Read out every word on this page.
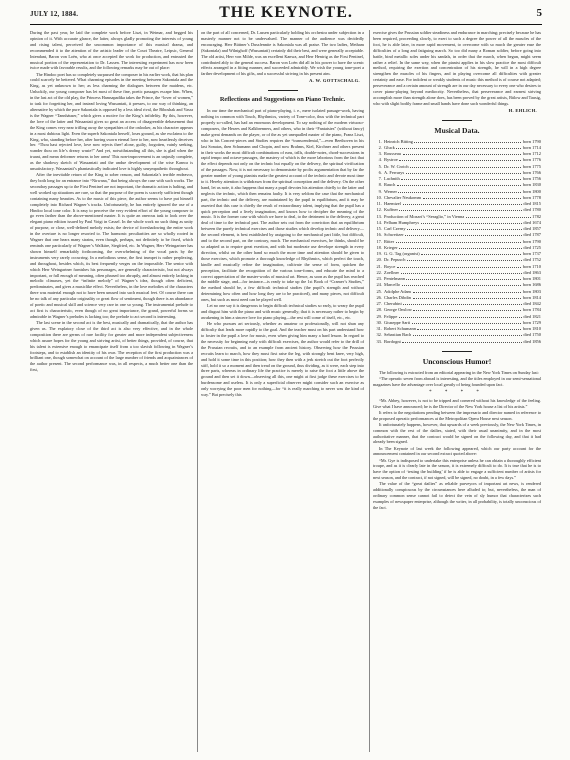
JULY 12, 1884.	THE KEYNOTE.	5

During the past year, he laid the complete work before Liszt, in Weimar, and begged his opinion of it. With accurate glance, the latter, always gladly promoting the interests of young and rising talent, perceived the uncommon importance of this musical drama, and recommended it to the attention of the artistic leader of the Court Theatre, Leipsic, General Intendant, Baron von Loën, who at once accepted the work for production, and entrusted the musical portion of the representation to Dr. Lassen. The interesting experiment has now been twice made with favorable results, and the following remarks may be out of place:

The Hindoo poet has so completely surpassed the composer in his earlier work, that his plan could scarcely be bettered. What charming episodes in the meeting between Sakontala and the King, as yet unknown to her; as less charming the dialogues between the maidens, etc. Unluckily, our young composer has let most of these fine, poetic passages escape him. When, in the last act of the old play, the Princess Hamsapadika takes the Prince, the “lover of women,” to task for forgetting her, and instead loving Wassantati, it presses, to our way of thinking, an alternative by which the pure Sakontala is opposed by a less ideal rival, the Biboshak and Vasra is the Wagner “Tannhäuser,” which gives a motive for the King’s infidelity. By this, however, the love of the latter and Wassantati gives so great an access of disagreeable debasement that the King comes very near trifling away the sympathies of the onlooker, as his character appears in a most dubious light. Even the superb Sakontala herself, loses ground, as she exclaims to the King, who, standing before her, after having sworn eternal love to her, now heartlessly deceives her. “Thou hast rejected love, love now rejects thee! alone, guilty, forgotten, vainly seeking, wander thou on life’s dreary waste!” And yet, notwithstanding all this, she is glad when the truant, and mean deformer returns to her arms! This non-improvement is an unjustly complete, as the shadowy sketch of Wassantati and the undue development of the wise Kanwa is unsatisfactory. Wassantati’s phantastically indicated love is highly unsympathetic throughout.

After the inevitable return of the King to sober reason, and Sakontala’s terrible endeavor, they both long for an entrance into “Nirwana,” that being always the case with such works. The secondary passages up to the First Pentinel are not important, the dramatic action is halting, and well worked up situations are rare, so that the purpose of the poem is scarcely sufficient though containing many beauties. As to the music of this piece, the author seems to have put himself completely into Richard Wagner’s tracks. Unfortunately, he has entirely ignored the use of a Hindoo local tone color. It is easy to perceive the very evident effort of the young composer to go even farther than the above-mentioned master. It is quite an onerous task to look over the elegant piano edition issued by Paul Voigt in Cassel. In the whole work no such thing as unity of purpose, or close, well-defined melody exists; the device of foreshadowing the entire work in the overture is no longer resorted to. The harmonic peculiarities are so wholly rooted in Wagner that one hears many strains, even though, perhaps, not definitely to be fixed, which reminds one particularly of Wagner’s Walküre, Siegfried, etc. In Wagner, Herr Weingartner has shown himself remarkably forthcoming, the overwhelming of the vocal parts by the instruments very rarely occurring. In a melodious sense, the first trumpet is rather perplexing, and throughout, besides which, its best frequently verges on the impossible. The senior with which Herr Weingartner furnishes his personages, are generally characteristic, but not always important, or full enough of meaning, often phrased too abruptly, and almost entirely lacking in melodic climaxes, yet the “infinite melody” of Wagner’s idea, though often deficient, predominates, and gives a musiclike effect. Nevertheless, in the love melodies of the characters there was material enough not to have been unused into such musical feet. Of course there can be no talk of any particular originality or great flow of sentiment, though there is an abundance of poetic and musical skill and science very rare in one so young. The instrumental prelude to act first is characteristic, even though of no great importance, the grand, powerful forms so admirable in Wagner’s preludes is lacking too; the prelude to act second is interesting.

The last scene in the second act is the best, musically and dramatically, that the author has given us. The explatory close of the third act is also very effective, and in the whole composition there are germs of rare facility for greater and more independent subjectiveness which assure hopes for the young and striving artist, of better things, provided, of course, that his talent is extensive enough to emancipate itself from a too slavish following in Wagner’s footsteps, and to establish an identity of his own. The reception of the first production was a brilliant one, though somewhat on account of the large number of friends and acquaintances of the author present. The second performance was, in all respects, a much better one than the first,

on the part of all concerned, Dr. Lassen particularly holding his orchestra under subjection in a masterly manner not to be undervalued. The manner of the audience was decidedly encouraging. Herr Büttner’s Dussfennite is Sakontala was all praise. The two ladies, Metham (Sakontala) and Wilnighoff (Wassantati) certainly did their best, and were generally acceptable. The old artist, Herr von Milde, was an excellent Kanwa, and Herr Hentrig as the First Pentinel, contributed ably to the general success. Baron von Loën did all in his power to have the scenic effects arranged in a fitting manner, and succeeded admirably. We wish the young tone-poet a farther development of his gifts, and a successful striving in his present aim.

A. W. GOTTSCHALG.
Reflections and Suggestions on Piano Technic.

In our time the mechanical part of piano-playing, i. e., mere isolated passage-work, having nothing in common with Touch, Rhythmics, variety of Tone-color, thus with the technical part properly so-called, has had an enormous development. To say nothing of the modern virtuoso-composers, the Herzes and Kalkbrenners, and others, who in their “Fantaisies” (without fancy) make great demands on the player, or of the as yet unequalled master of the piano, Franz Liszt, who in his Concert-pieces and Studies requires the “transcendental,”—even Beethoven in his last Sonatas, then Schumann and Chopin, and now Brahms, Kiel, Kirchner and others present in their works the most difficult combinations of runs, trills, double-notes, chord-successions in rapid tempo and octave-passages, the mastery of which is the more laborious from the fact that the effect depends not only on the technic but equally on the delivery, the spiritual vivification of the passages. Now, it is not necessary to demonstrate by prolix argumentation that by far the greater number of young pianists make the greatest account of the technic and devote most time to it. Hereby attention is withdrawn from the spiritual conception and the delivery. On the other hand, let us note, it also happens that many a pupil devotes his attention chiefly to the latter and neglects the technic, which then remains faulty. It is very seldom the case that the mechanical part, the technic and the delivery, are maintained by the pupil in equilibrium, and it may be asserted that this case is chiefly the result of extraordinary talent, implying that the pupil has a quick perception and a lively imagination, and knows how to decipher the meaning of the music. It is the former case with which we have to deal, to the detriment to the delivery, a great deal of time to the technical part. The author sets out from the conviction that an equilibrium between the purely technical exercises and those studies which develop technic and delivery—the second element, is best established by assigning to the mechanical part little, but difficult, and to the second part, on the contrary, much. The mechanical exercises, he thinks, should be so adapted as to require great exertion, and with but moderate use develope strength in every direction, whilst on the other hand so much the more time and attention should be given to those exercises, which promote a thorough knowledge of Rhythmics, which perfect the touch, kindle and musically refine the imagination, cultivate the sense of form, quicken the perception, facilitate the recognition of the various tone-forms, and educate the mind to a correct appreciation of the master-works of musical art. Hence, as soon as the pupil has reached the middle stage, and—for instance—is ready to take up the 1st Book of “Cramer’s Studies,” the method should be, a few difficult technical studies (the pupil’s strength and without determining how often and how long they are to be practiced), and many pieces, not difficult ones, but such as most need can be played well.

Let no one say it is dangerous to begin difficult technical studies so early, to weary the pupil and disgust him with the piano and with music generally; that it is necessary rather to begin by awakening in him a sincere love for piano playing—the rest will come of itself, etc., etc.

He who pursues art seriously, whether as amateur or professionally, will not shun any difficulty that leads more rapidly to the goal. And the teacher must on his part understand how to foster in the pupil a love for music, even when giving him many a hard lesson. In regard to the necessity for beginning early with difficult exercises, the author would refer to the drill of the Prussian recruits, and to an example from ancient history. Observing how the Prussian recruits learn to march, how they must first raise the leg, with strongly bent knee, very high, and hold it some time in this position; how they then with a jerk stretch out the foot perfectly stiff, hold it so a moment and then tread on the ground, thus dividing, as it were, each step into three parts, whereas in ordinary life the practice is merely to raise the foot a little above the ground and then set it down—observing all this, one might at first judge these exercises to be burdensome and useless. It is only a superficial observer might consider such an exercise as only worrying the poor men for nothing—for “it is really marching to never was the kind of way.” But precisely this

exercise gives the Prussian soldier steadiness and endurance in marching; precisely because he has been required, proceeding slowly, to exert to such a degree the power of all the muscles of the foot, he is able later, in more rapid movement, to overcome with so much the greater ease the difficulties of a long and fatiguing march. So too did many a Roman soldier, before going into battle, bind metallic soles under his sandals, in order that the march, when begun, might seem rather a relief. In the same way, when the pianist applies in his slow practice the most difficult method, requiring the exertion and concentration of his strength, he will in a high degree strengthen the muscles of his fingers, and in playing overcome all difficulties with greater certainty and ease. For indolent or weakly students of music this method is of course not adapted; perseverance and a certain amount of strength are in our day necessary to every one who desires to cover piano-playing beyond mediocrity. Nevertheless, that perseverance and earnest striving accomplish more than strength alone does, has been proved by the great artists, Bülow and Tausig, who with slight bodily frame and small hands have done such wonderful things.

H. EHLICH.
Musical Data.
1. Heinrich Bitting	born 1790
2. Gluck	born 1714
3. Rousseau	born 1712
4. Bystroe	born 1776
5. Dr. W. Crotch	born 1775
6. A. Ferrarys	born 1766
7. Lachnith	born 1756
8. Rauch	born 1830
9. Werner	born 1800
10. Chevalier Neukomm	born 1778
11. Haemtzel	died 1815
12. Kuffner	died 1780
13. Production of Mozart’s “Seraglio,” in Vienna	1782
14. Pelham Humphreys	died 1674
15. Carl Czerny	died 1857
16. Schweitzer	died 1787
17. Ritter	born 1790
18. Krieger	died 1725
19. G. G. Tag (organist)	born 1737
20. Dr. Pepusch	died 1752
21. Boyce	born 1710
22. Zoellner	died 1863
23. Pentelmann	born 1801
24. Marcello	born 1686
25. Adolphe Adam	born 1803
26. Charles Dibdin	born 1814
27. Cherubini	died 1842
28. George Onslow	born 1784
29. Felippe	died 1821
30. Giuseppe Sarti	born 1729
31. Robert Schumann	born 1810
32. Sebastian Bach	died 1750
33. Bordogni	died 1856
Unconscious Humor!

The following is extracted from an editorial appearing in the New York Times on Sunday last:

“The operatic seven from abroad is interesting, and the titles employed in our semi-sensational magazines have the advantage over local greatly of being founded upon fact.

* * * *

“Mr. Abbey, however, is not to be tripped and cornered without his knowledge of the feeling. Give what I have announced; he is the Director of the New York house a list of his artists.”

It refers to the negotiations pending between the impresario and director named in reference to the proposed operatic performances at the Metropolitan Opera House next season.

It unfortunately happens, however, that upwards of a week previously, the New York Times, in common with the rest of the dailies, stated, with their usual unanimity, and in the most authoritative manner, that the contract would be signed on the following day, and that it had already been signed.

In The Keynote of last week the following appeared, which our party account for the announcement contained in our second extract quoted above:

“Mr. Gye is indisposed to undertake this enterprise unless he can obtain a thoroughly efficient troupe, and as it is clearly late in the season, it is extremely difficult to do. It is true that he is to have the option of ‘testing the building’ if he is able to engage a sufficient number of artists for next season, and the contract, if not signed, will be signed, no doubt, in a few days.”

The value of the “great dailies” as reliable purveyors of important art news, is rendered additionally conspicuous by the circumstances here alluded to; but, nevertheless, the man of ordinary common sense cannot fail to detect the vein of sly humor that characterizes such examples of newspaper enterprise, although the writer, in all probability, is totally unconscious of the fact.
